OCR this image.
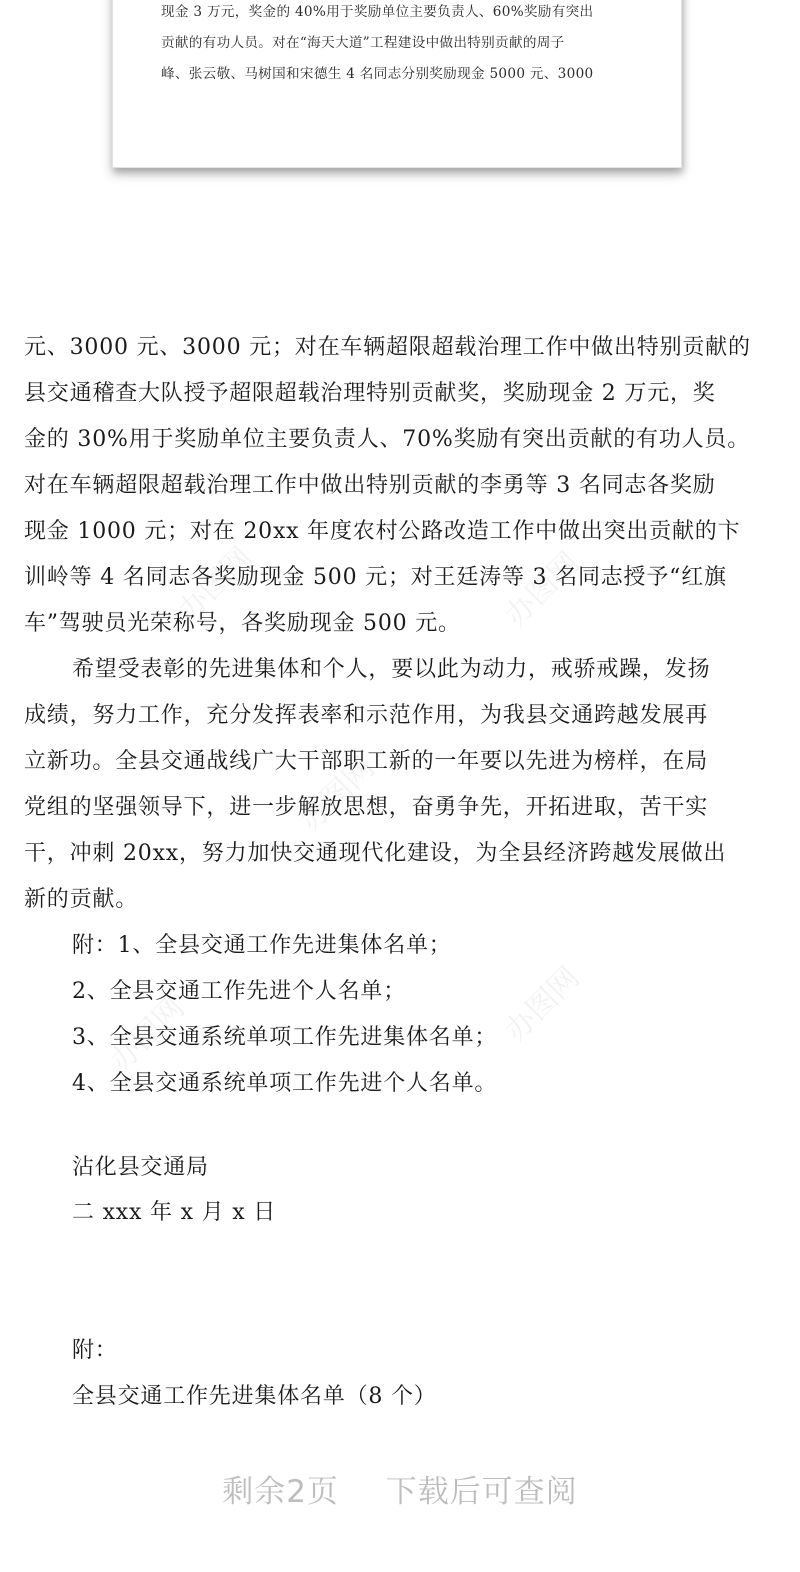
现金 3 万元，奖金的 40%用于奖励单位主要负责人、60%奖励有突出
贡献的有功人员。对在“海天大道”工程建设中做出特别贡献的周子
峰、张云敬、马树国和宋德生 4 名同志分别奖励现金 5000 元、3000
办图网	办图网
办图网
办图网
办图网
元、3000 元、3000 元；对在车辆超限超载治理工作中做出特别贡献的
县交通稽查大队授予超限超载治理特别贡献奖，奖励现金 2 万元，奖
金的 30%用于奖励单位主要负责人、70%奖励有突出贡献的有功人员。
对在车辆超限超载治理工作中做出特别贡献的李勇等 3 名同志各奖励
现金 1000 元；对在 20xx 年度农村公路改造工作中做出突出贡献的卞
训岭等 4 名同志各奖励现金 500 元；对王廷涛等 3 名同志授予“红旗
车”驾驶员光荣称号，各奖励现金 500 元。
希望受表彰的先进集体和个人，要以此为动力，戒骄戒躁，发扬
成绩，努力工作，充分发挥表率和示范作用，为我县交通跨越发展再
立新功。全县交通战线广大干部职工新的一年要以先进为榜样，在局
党组的坚强领导下，进一步解放思想，奋勇争先，开拓进取，苦干实
干，冲刺 20xx，努力加快交通现代化建设，为全县经济跨越发展做出
新的贡献。
附：1、全县交通工作先进集体名单；
2、全县交通工作先进个人名单；
3、全县交通系统单项工作先进集体名单；
4、全县交通系统单项工作先进个人名单。
沾化县交通局
二 xxx 年 x 月 x 日
附：
全县交通工作先进集体名单（8 个）
剩余2页 下载后可查阅
